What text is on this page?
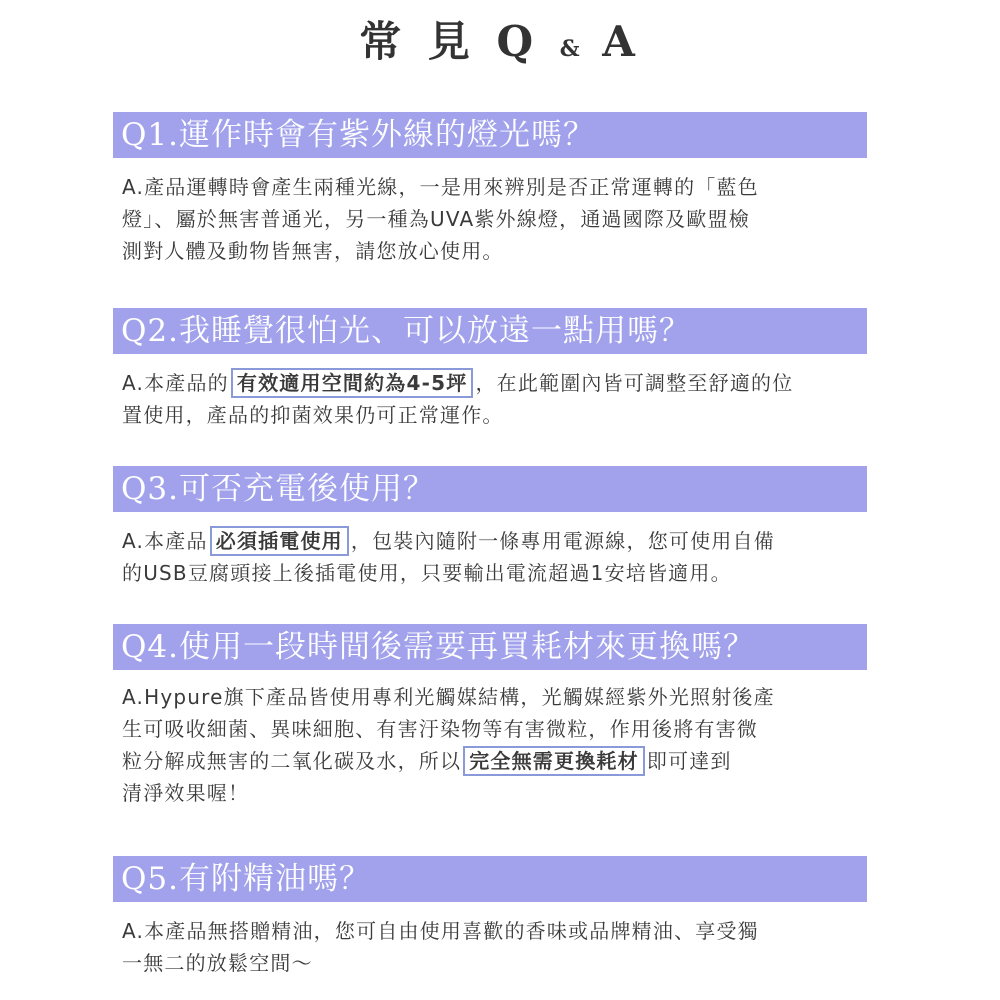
常 見 Q & A
Q1.運作時會有紫外線的燈光嗎？

A.產品運轉時會產生兩種光線，一是用來辨別是否正常運轉的「藍色

燈」、屬於無害普通光，另一種為UVA紫外線燈，通過國際及歐盟檢

測對人體及動物皆無害，請您放心使用。

Q2.我睡覺很怕光、可以放遠一點用嗎？

A.本產品的 有效適用空間約為4-5坪 ，在此範圍內皆可調整至舒適的位

置使用，產品的抑菌效果仍可正常運作。

Q3.可否充電後使用？

A.本產品 必須插電使用 ，包裝內隨附一條專用電源線，您可使用自備

的USB豆腐頭接上後插電使用，只要輸出電流超過1安培皆適用。

Q4.使用一段時間後需要再買耗材來更換嗎？

A.Hypure旗下產品皆使用專利光觸媒結構，光觸媒經紫外光照射後產

生可吸收細菌、異味細胞、有害汙染物等有害微粒，作用後將有害微

粒分解成無害的二氧化碳及水，所以 完全無需更換耗材 即可達到

清淨效果喔！

Q5.有附精油嗎？

A.本產品無搭贈精油，您可自由使用喜歡的香味或品牌精油、享受獨

一無二的放鬆空間～
